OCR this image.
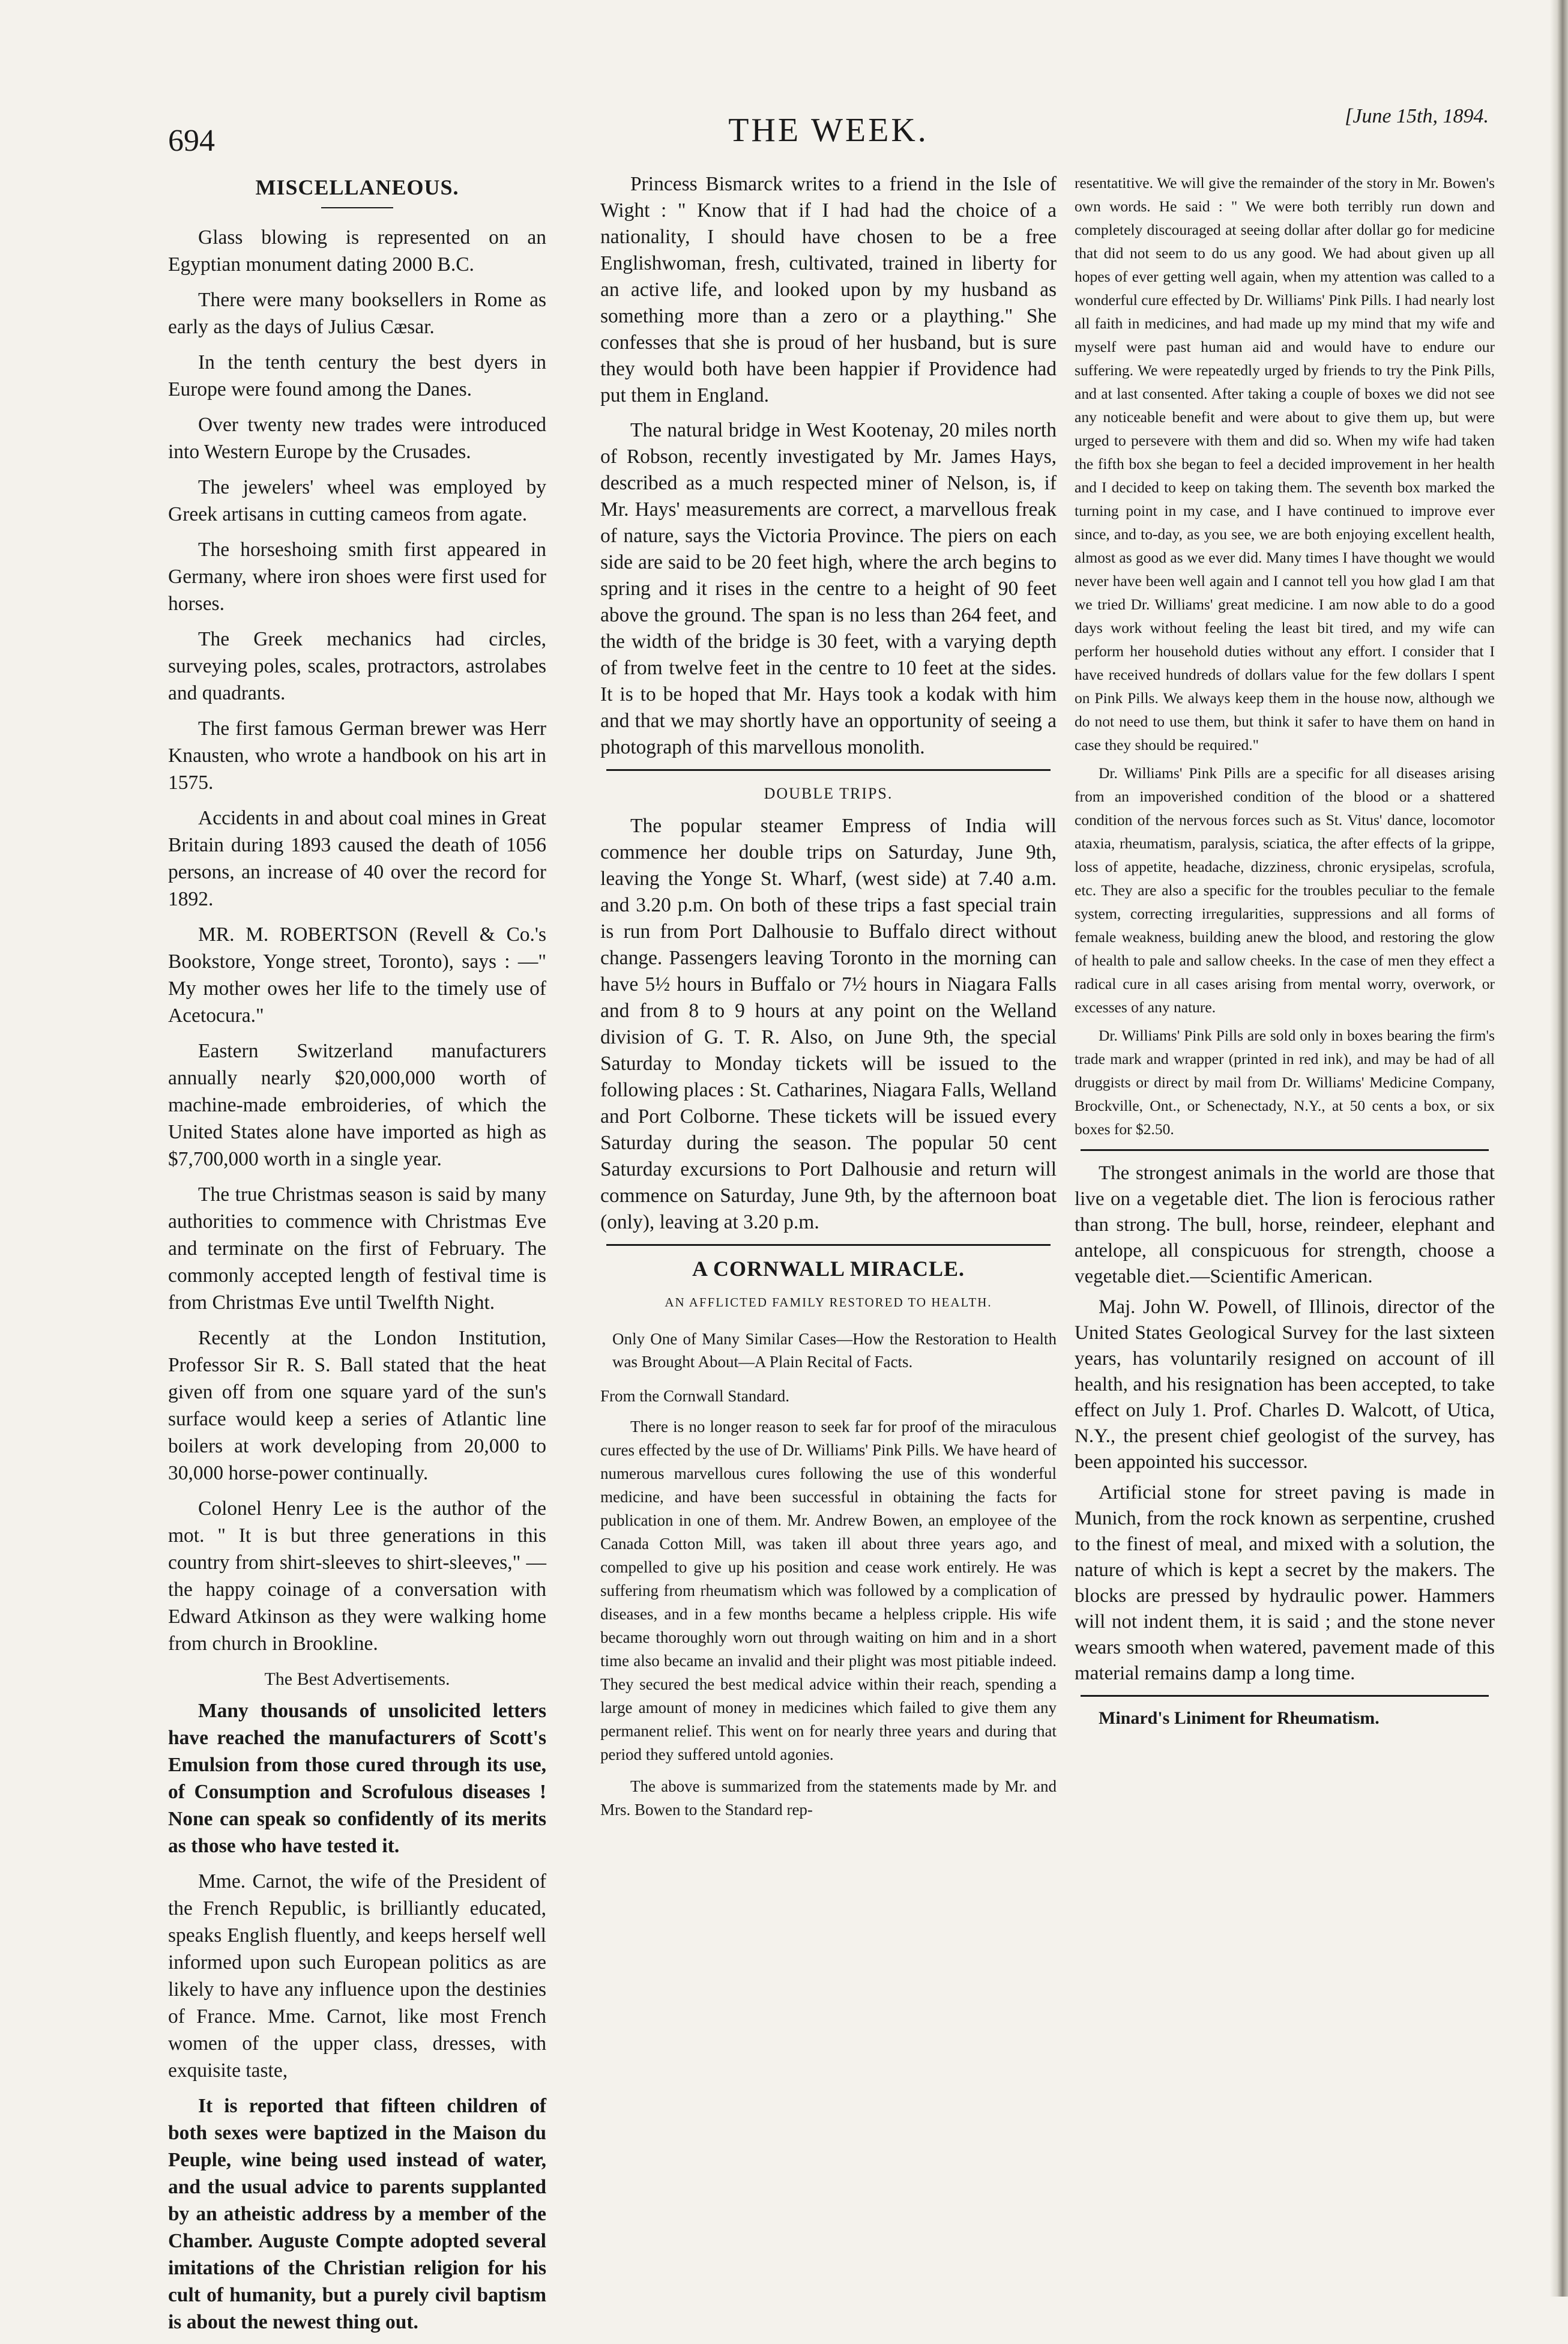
694	THE WEEK.	[June 15th, 1894.

MISCELLANEOUS.

Glass blowing is represented on an Egyptian monument dating 2000 B.C.

There were many booksellers in Rome as early as the days of Julius Cæsar.

In the tenth century the best dyers in Europe were found among the Danes.

Over twenty new trades were introduced into Western Europe by the Crusades.

The jewelers' wheel was employed by Greek artisans in cutting cameos from agate.

The horseshoing smith first appeared in Germany, where iron shoes were first used for horses.

The Greek mechanics had circles, surveying poles, scales, protractors, astrolabes and quadrants.

The first famous German brewer was Herr Knausten, who wrote a handbook on his art in 1575.

Accidents in and about coal mines in Great Britain during 1893 caused the death of 1056 persons, an increase of 40 over the record for 1892.

MR. M. ROBERTSON (Revell & Co.'s Bookstore, Yonge street, Toronto), says : —" My mother owes her life to the timely use of Acetocura."

Eastern Switzerland manufacturers annually nearly $20,000,000 worth of machine-made embroideries, of which the United States alone have imported as high as $7,700,000 worth in a single year.

The true Christmas season is said by many authorities to commence with Christmas Eve and terminate on the first of February. The commonly accepted length of festival time is from Christmas Eve until Twelfth Night.

Recently at the London Institution, Professor Sir R. S. Ball stated that the heat given off from one square yard of the sun's surface would keep a series of Atlantic line boilers at work developing from 20,000 to 30,000 horse-power continually.

Colonel Henry Lee is the author of the mot. " It is but three generations in this country from shirt-sleeves to shirt-sleeves," —the happy coinage of a conversation with Edward Atkinson as they were walking home from church in Brookline.

The Best Advertisements.

Many thousands of unsolicited letters have reached the manufacturers of Scott's Emulsion from those cured through its use, of Consumption and Scrofulous diseases ! None can speak so confidently of its merits as those who have tested it.

Mme. Carnot, the wife of the President of the French Republic, is brilliantly educated, speaks English fluently, and keeps herself well informed upon such European politics as are likely to have any influence upon the destinies of France. Mme. Carnot, like most French women of the upper class, dresses, with exquisite taste,

It is reported that fifteen children of both sexes were baptized in the Maison du Peuple, wine being used instead of water, and the usual advice to parents supplanted by an atheistic address by a member of the Chamber. Auguste Compte adopted several imitations of the Christian religion for his cult of humanity, but a purely civil baptism is about the newest thing out.

Princess Bismarck writes to a friend in the Isle of Wight : " Know that if I had had the choice of a nationality, I should have chosen to be a free Englishwoman, fresh, cultivated, trained in liberty for an active life, and looked upon by my husband as something more than a zero or a plaything." She confesses that she is proud of her husband, but is sure they would both have been happier if Providence had put them in England.

The natural bridge in West Kootenay, 20 miles north of Robson, recently investigated by Mr. James Hays, described as a much respected miner of Nelson, is, if Mr. Hays' measurements are correct, a marvellous freak of nature, says the Victoria Province. The piers on each side are said to be 20 feet high, where the arch begins to spring and it rises in the centre to a height of 90 feet above the ground. The span is no less than 264 feet, and the width of the bridge is 30 feet, with a varying depth of from twelve feet in the centre to 10 feet at the sides. It is to be hoped that Mr. Hays took a kodak with him and that we may shortly have an opportunity of seeing a photograph of this marvellous monolith.

DOUBLE TRIPS.

The popular steamer Empress of India will commence her double trips on Saturday, June 9th, leaving the Yonge St. Wharf, (west side) at 7.40 a.m. and 3.20 p.m. On both of these trips a fast special train is run from Port Dalhousie to Buffalo direct without change. Passengers leaving Toronto in the morning can have 5½ hours in Buffalo or 7½ hours in Niagara Falls and from 8 to 9 hours at any point on the Welland division of G. T. R. Also, on June 9th, the special Saturday to Monday tickets will be issued to the following places : St. Catharines, Niagara Falls, Welland and Port Colborne. These tickets will be issued every Saturday during the season. The popular 50 cent Saturday excursions to Port Dalhousie and return will commence on Saturday, June 9th, by the afternoon boat (only), leaving at 3.20 p.m.

A CORNWALL MIRACLE.

AN AFFLICTED FAMILY RESTORED TO HEALTH.

Only One of Many Similar Cases—How the Restoration to Health was Brought About—A Plain Recital of Facts.

From the Cornwall Standard.

There is no longer reason to seek far for proof of the miraculous cures effected by the use of Dr. Williams' Pink Pills. We have heard of numerous marvellous cures following the use of this wonderful medicine, and have been successful in obtaining the facts for publication in one of them. Mr. Andrew Bowen, an employee of the Canada Cotton Mill, was taken ill about three years ago, and compelled to give up his position and cease work entirely. He was suffering from rheumatism which was followed by a complication of diseases, and in a few months became a helpless cripple. His wife became thoroughly worn out through waiting on him and in a short time also became an invalid and their plight was most pitiable indeed. They secured the best medical advice within their reach, spending a large amount of money in medicines which failed to give them any permanent relief. This went on for nearly three years and during that period they suffered untold agonies.

The above is summarized from the statements made by Mr. and Mrs. Bowen to the Standard rep-

resentatitive. We will give the remainder of the story in Mr. Bowen's own words. He said : " We were both terribly run down and completely discouraged at seeing dollar after dollar go for medicine that did not seem to do us any good. We had about given up all hopes of ever getting well again, when my attention was called to a wonderful cure effected by Dr. Williams' Pink Pills. I had nearly lost all faith in medicines, and had made up my mind that my wife and myself were past human aid and would have to endure our suffering. We were repeatedly urged by friends to try the Pink Pills, and at last consented. After taking a couple of boxes we did not see any noticeable benefit and were about to give them up, but were urged to persevere with them and did so. When my wife had taken the fifth box she began to feel a decided improvement in her health and I decided to keep on taking them. The seventh box marked the turning point in my case, and I have continued to improve ever since, and to-day, as you see, we are both enjoying excellent health, almost as good as we ever did. Many times I have thought we would never have been well again and I cannot tell you how glad I am that we tried Dr. Williams' great medicine. I am now able to do a good days work without feeling the least bit tired, and my wife can perform her household duties without any effort. I consider that I have received hundreds of dollars value for the few dollars I spent on Pink Pills. We always keep them in the house now, although we do not need to use them, but think it safer to have them on hand in case they should be required."

Dr. Williams' Pink Pills are a specific for all diseases arising from an impoverished condition of the blood or a shattered condition of the nervous forces such as St. Vitus' dance, locomotor ataxia, rheumatism, paralysis, sciatica, the after effects of la grippe, loss of appetite, headache, dizziness, chronic erysipelas, scrofula, etc. They are also a specific for the troubles peculiar to the female system, correcting irregularities, suppressions and all forms of female weakness, building anew the blood, and restoring the glow of health to pale and sallow cheeks. In the case of men they effect a radical cure in all cases arising from mental worry, overwork, or excesses of any nature.

Dr. Williams' Pink Pills are sold only in boxes bearing the firm's trade mark and wrapper (printed in red ink), and may be had of all druggists or direct by mail from Dr. Williams' Medicine Company, Brockville, Ont., or Schenectady, N.Y., at 50 cents a box, or six boxes for $2.50.

The strongest animals in the world are those that live on a vegetable diet. The lion is ferocious rather than strong. The bull, horse, reindeer, elephant and antelope, all conspicuous for strength, choose a vegetable diet.—Scientific American.

Maj. John W. Powell, of Illinois, director of the United States Geological Survey for the last sixteen years, has voluntarily resigned on account of ill health, and his resignation has been accepted, to take effect on July 1. Prof. Charles D. Walcott, of Utica, N.Y., the present chief geologist of the survey, has been appointed his successor.

Artificial stone for street paving is made in Munich, from the rock known as serpentine, crushed to the finest of meal, and mixed with a solution, the nature of which is kept a secret by the makers. The blocks are pressed by hydraulic power. Hammers will not indent them, it is said ; and the stone never wears smooth when watered, pavement made of this material remains damp a long time.

Minard's Liniment for Rheumatism.
